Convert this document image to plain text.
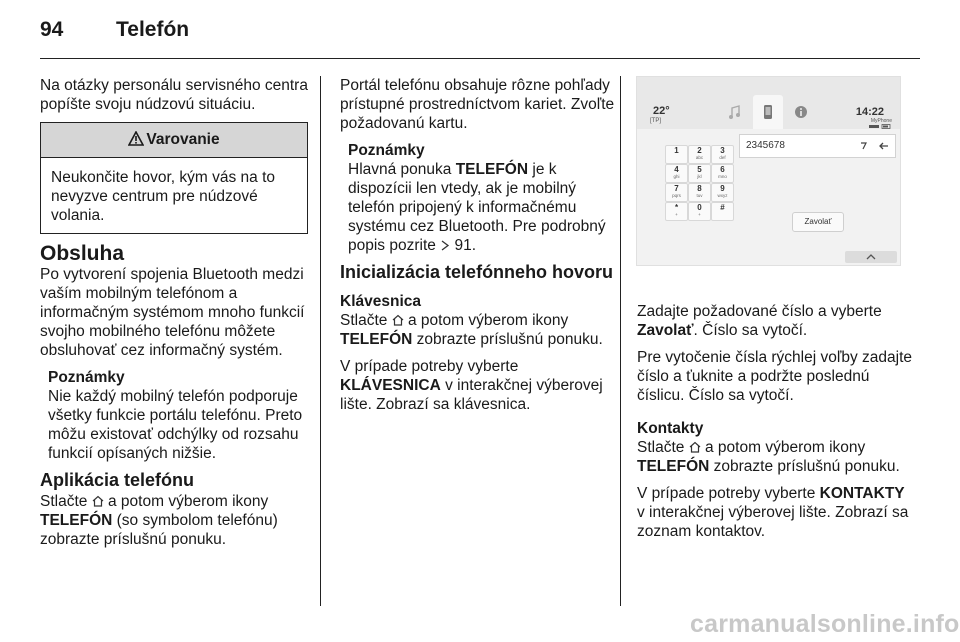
94	Telefón

Na otázky personálu servisného centra popíšte svoju núdzovú situáciu.

Varovanie
Neukončite hovor, kým vás na to nevyzve centrum pre núdzové volania.
Obsluha

Po vytvorení spojenia Bluetooth medzi vaším mobilným telefónom a informačným systémom mnoho funkcií svojho mobilného telefónu môžete obsluhovať cez informačný systém.

Poznámky
Nie každý mobilný telefón podporuje všetky funkcie portálu telefónu. Preto môžu existovať odchýlky od rozsahu funkcií opísaných nižšie.
Aplikácia telefónu

Stlačte  a potom výberom ikony TELEFÓN (so symbolom telefónu) zobrazte príslušnú ponuku.

Portál telefónu obsahuje rôzne pohľady prístupné prostredníctvom kariet. Zvoľte požadovanú kartu.

Poznámky
Hlavná ponuka TELEFÓN je k dispozícii len vtedy, ak je mobilný telefón pripojený k informačnému systému cez Bluetooth. Pre podrobný popis pozrite  91.
Inicializácia telefónneho hovoru
Klávesnica

Stlačte  a potom výberom ikony TELEFÓN zobrazte príslušnú ponuku.

V prípade potreby vyberte KLÁVESNICA v interakčnej výberovej lište. Zobrazí sa klávesnica.

22°
[TP]
14:22
MyPhone
2345678
1	2
abc
3
def
4
ghi
5
jkl
6
mno
7
pqrs
8
tuv
9
wxyz
*
+
0
+
#
Zavolať

Zadajte požadované číslo a vyberte Zavolať. Číslo sa vytočí.

Pre vytočenie čísla rýchlej voľby zadajte číslo a ťuknite a podržte poslednú číslicu. Číslo sa vytočí.

Kontakty

Stlačte  a potom výberom ikony TELEFÓN zobrazte príslušnú ponuku.

V prípade potreby vyberte KONTAKTY v interakčnej výberovej lište. Zobrazí sa zoznam kontaktov.

carmanualsonline.info
